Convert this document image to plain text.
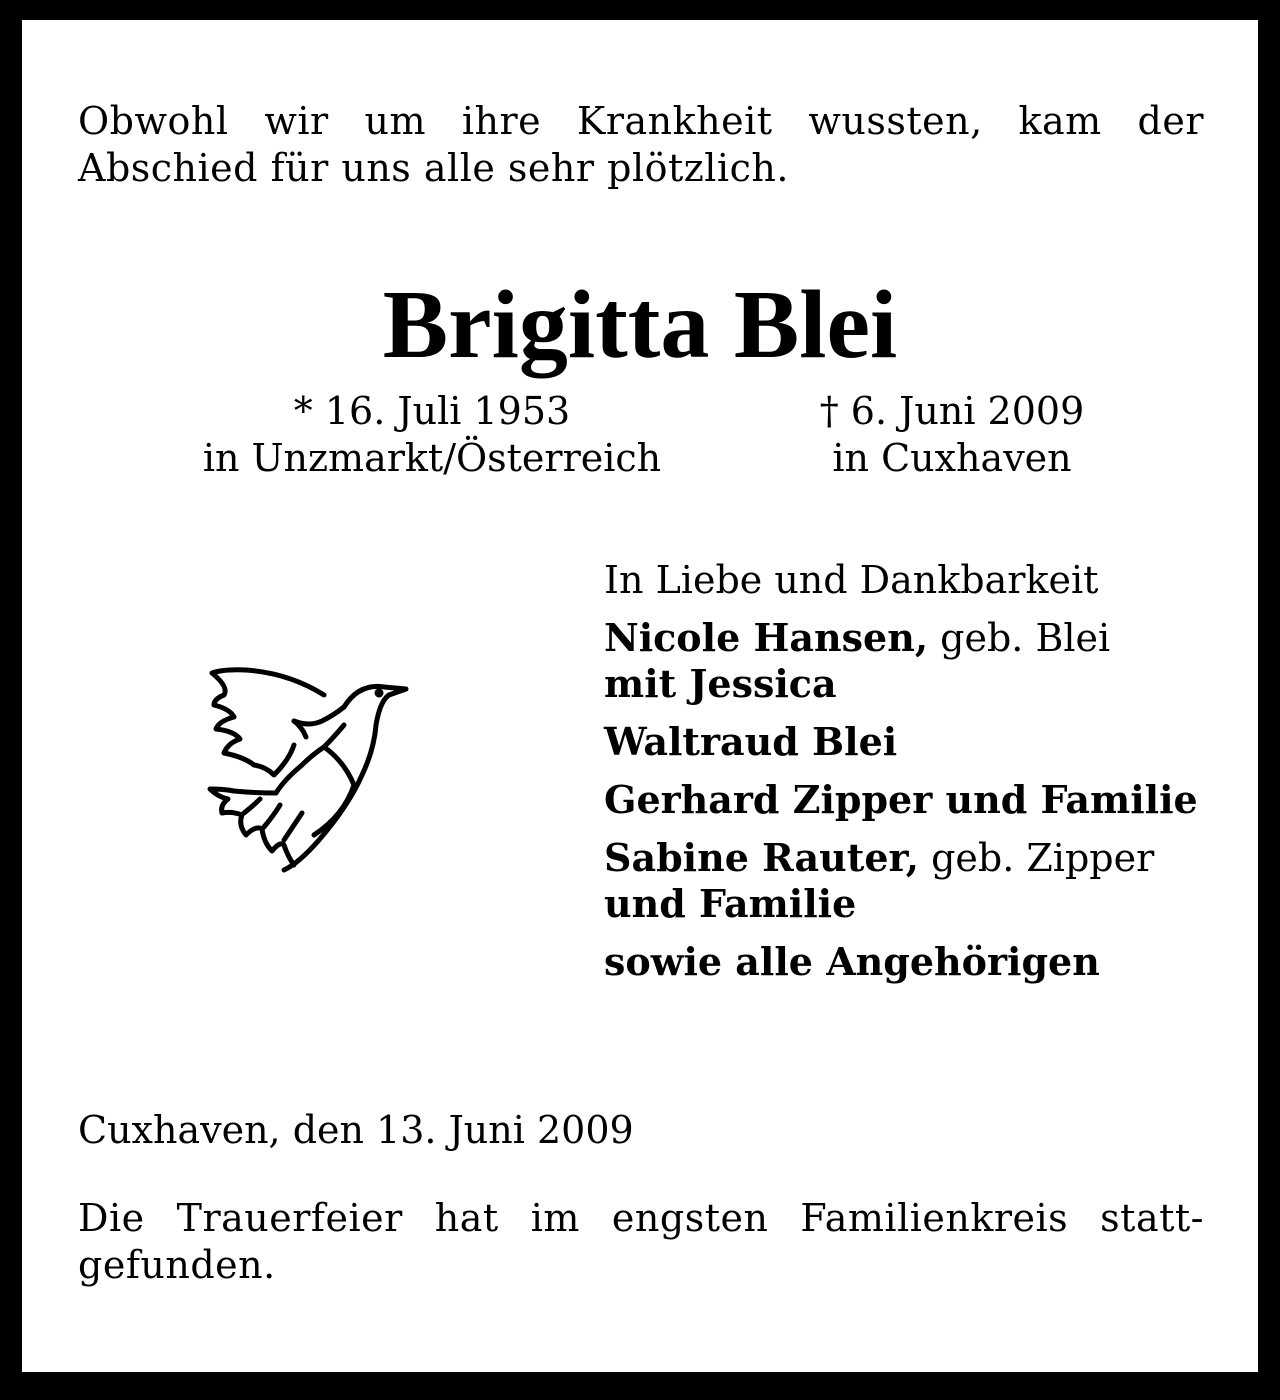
Obwohl wir um ihre Krankheit wussten, kam der Abschied für uns alle sehr plötzlich.
Brigitta Blei
* 16. Juli 1953
in Unzmarkt/Österreich
† 6. Juni 2009
in Cuxhaven
In Liebe und Dankbarkeit
Nicole Hansen, geb. Blei
mit Jessica
Waltraud Blei
Gerhard Zipper und Familie
Sabine Rauter, geb. Zipper
und Familie
sowie alle Angehörigen
Cuxhaven, den 13. Juni 2009
Die Trauerfeier hat im engsten Familienkreis statt-gefunden.
